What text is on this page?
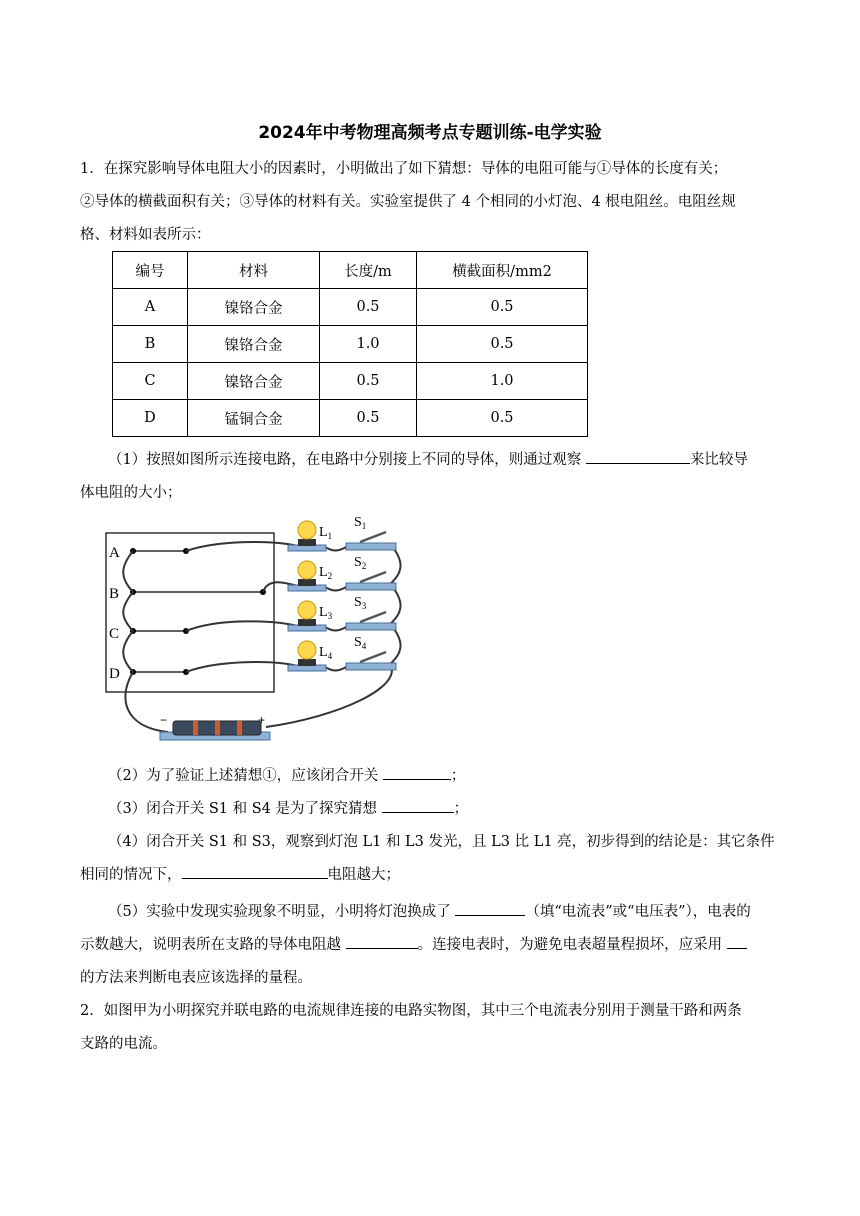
2024年中考物理高频考点专题训练-电学实验
1．在探究影响导体电阻大小的因素时，小明做出了如下猜想：导体的电阻可能与①导体的长度有关；
②导体的横截面积有关；③导体的材料有关。实验室提供了 4 个相同的小灯泡、4 根电阻丝。电阻丝规
格、材料如表所示：
编号	材料	长度/m	横截面积/mm2
A	镍铬合金	0.5	0.5
B	镍铬合金	1.0	0.5
C	镍铬合金	0.5	1.0
D	锰铜合金	0.5	0.5
（1）按照如图所示连接电路，在电路中分别接上不同的导体，则通过观察	来比较导
体电阻的大小；
A
B
C
D
$L_1$
$L_2$
$L_3$
$L_4$
$S_1$
$S_2$
$S_3$
$S_4$
−	+
（2）为了验证上述猜想①，应该闭合开关	；
（3）闭合开关 S1 和 S4 是为了探究猜想	；
（4）闭合开关 S1 和 S3，观察到灯泡 L1 和 L3 发光，且 L3 比 L1 亮，初步得到的结论是：其它条件
相同的情况下，	电阻越大；
（5）实验中发现实验现象不明显，小明将灯泡换成了	（填“电流表”或“电压表”），电表的
示数越大，说明表所在支路的导体电阻越	。连接电表时，为避免电表超量程损坏，应采用
的方法来判断电表应该选择的量程。
2．如图甲为小明探究并联电路的电流规律连接的电路实物图，其中三个电流表分别用于测量干路和两条
支路的电流。
